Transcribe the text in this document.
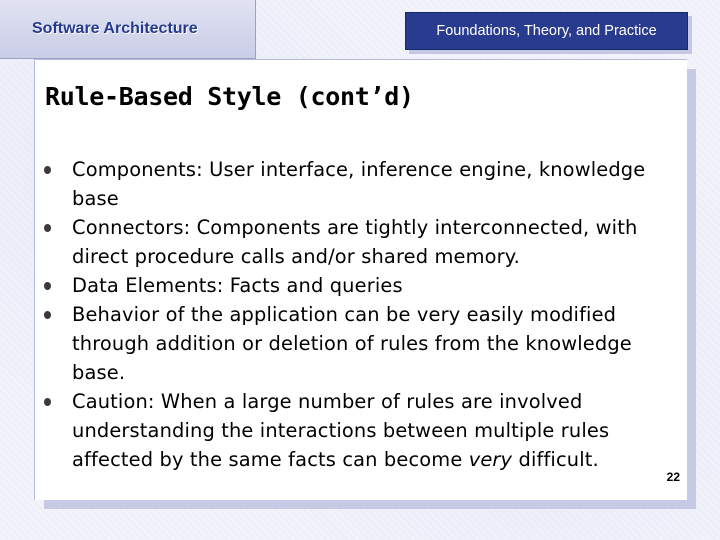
Software Architecture	Foundations, Theory, and Practice
Rule-Based Style (cont’d)
Components: User interface, inference engine, knowledge base
Connectors: Components are tightly interconnected, with direct procedure calls and/or shared memory.
Data Elements: Facts and queries
Behavior of the application can be very easily modified through addition or deletion of rules from the knowledge base.
Caution: When a large number of rules are involved understanding the interactions between multiple rules affected by the same facts can become very difficult.
22
